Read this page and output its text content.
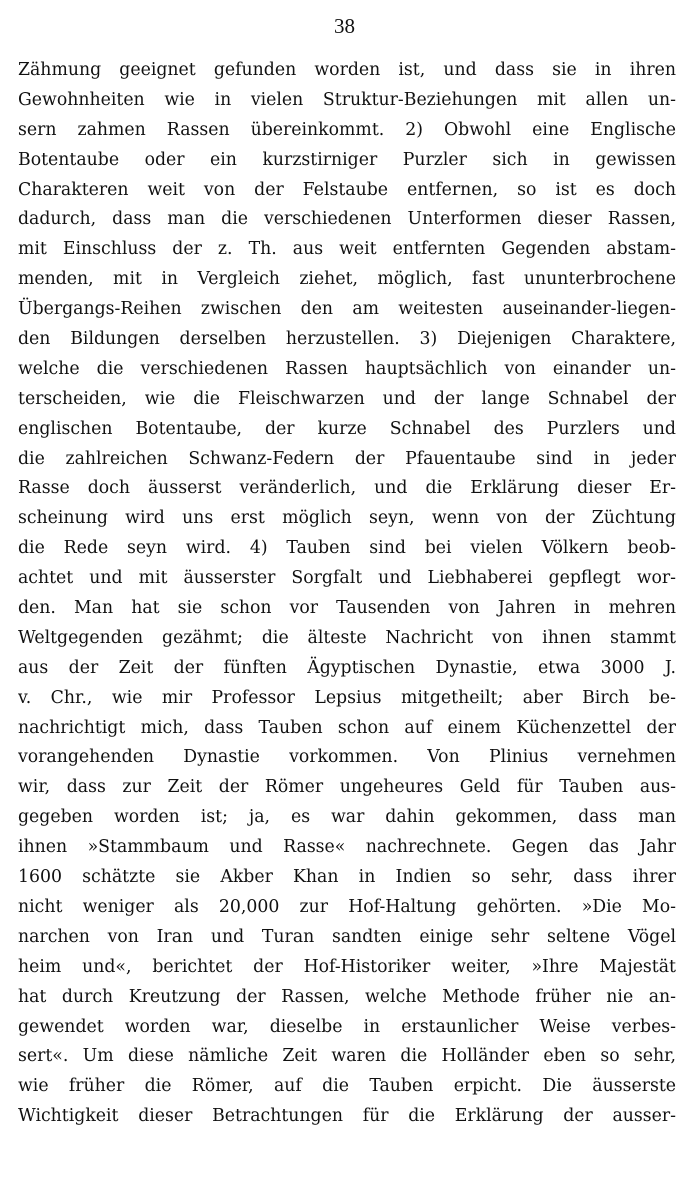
38
Zähmung geeignet gefunden worden ist, und dass sie in ihren
Gewohnheiten wie in vielen Struktur-Beziehungen mit allen un-
sern zahmen Rassen übereinkommt. 2) Obwohl eine Englische
Botentaube oder ein kurzstirniger Purzler sich in gewissen
Charakteren weit von der Felstaube entfernen, so ist es doch
dadurch, dass man die verschiedenen Unterformen dieser Rassen,
mit Einschluss der z. Th. aus weit entfernten Gegenden abstam-
menden, mit in Vergleich ziehet, möglich, fast ununterbrochene
Übergangs-Reihen zwischen den am weitesten auseinander-liegen-
den Bildungen derselben herzustellen. 3) Diejenigen Charaktere,
welche die verschiedenen Rassen hauptsächlich von einander un-
terscheiden, wie die Fleischwarzen und der lange Schnabel der
englischen Botentaube, der kurze Schnabel des Purzlers und
die zahlreichen Schwanz-Federn der Pfauentaube sind in jeder
Rasse doch äusserst veränderlich, und die Erklärung dieser Er-
scheinung wird uns erst möglich seyn, wenn von der Züchtung
die Rede seyn wird. 4) Tauben sind bei vielen Völkern beob-
achtet und mit äusserster Sorgfalt und Liebhaberei gepflegt wor-
den. Man hat sie schon vor Tausenden von Jahren in mehren
Weltgegenden gezähmt; die älteste Nachricht von ihnen stammt
aus der Zeit der fünften Ägyptischen Dynastie, etwa 3000 J.
v. Chr., wie mir Professor Lepsius mitgetheilt; aber Birch be-
nachrichtigt mich, dass Tauben schon auf einem Küchenzettel der
vorangehenden Dynastie vorkommen. Von Plinius vernehmen
wir, dass zur Zeit der Römer ungeheures Geld für Tauben aus-
gegeben worden ist; ja, es war dahin gekommen, dass man
ihnen »Stammbaum und Rasse« nachrechnete. Gegen das Jahr
1600 schätzte sie Akber Khan in Indien so sehr, dass ihrer
nicht weniger als 20,000 zur Hof-Haltung gehörten. »Die Mo-
narchen von Iran und Turan sandten einige sehr seltene Vögel
heim und«, berichtet der Hof-Historiker weiter, »Ihre Majestät
hat durch Kreutzung der Rassen, welche Methode früher nie an-
gewendet worden war, dieselbe in erstaunlicher Weise verbes-
sert«. Um diese nämliche Zeit waren die Holländer eben so sehr,
wie früher die Römer, auf die Tauben erpicht. Die äusserste
Wichtigkeit dieser Betrachtungen für die Erklärung der ausser-
